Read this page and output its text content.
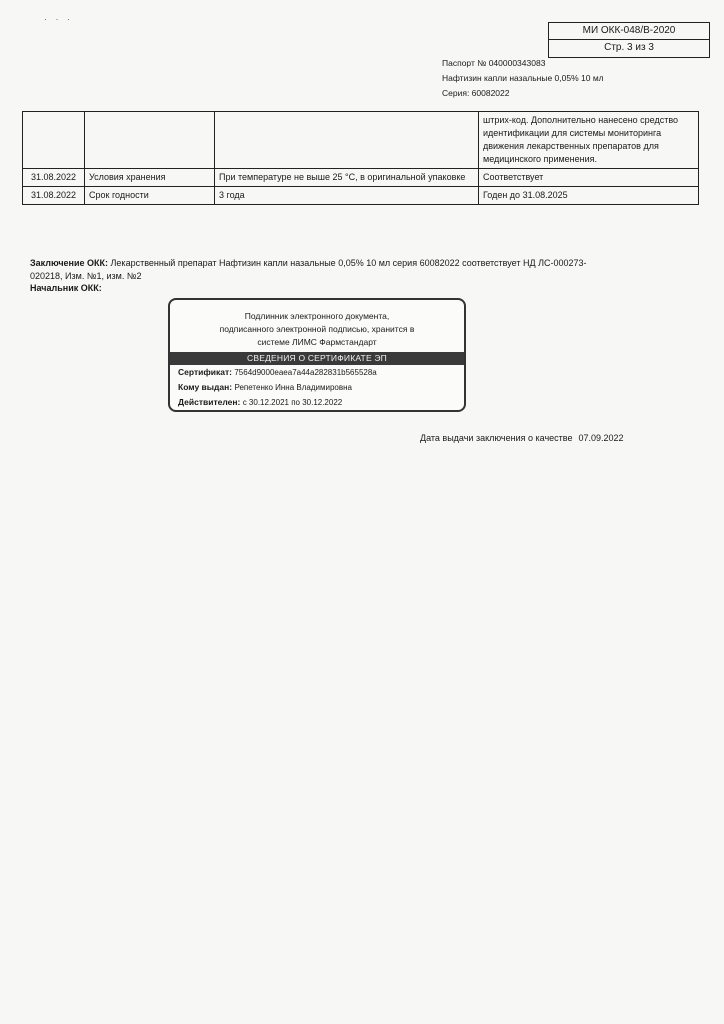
· · ·
МИ ОКК-048/В-2020
Стр. 3 из 3
Паспорт № 040000343083
Нафтизин капли назальные 0,05% 10 мл
Серия: 60082022
			штрих-код. Дополнительно нанесено средство идентификации для системы мониторинга движения лекарственных препаратов для медицинского применения.
31.08.2022	Условия хранения	При температуре не выше 25 °С, в оригинальной упаковке	Соответствует
31.08.2022	Срок годности	3 года	Годен до 31.08.2025
Заключение ОКК: Лекарственный препарат Нафтизин капли назальные 0,05% 10 мл серия 60082022 соответствует НД ЛС-000273-020218, Изм. №1, изм. №2
Начальник ОКК:
Подлинник электронного документа,
подписанного электронной подписью, хранится в
системе ЛИМС Фармстандарт
СВЕДЕНИЯ О СЕРТИФИКАТЕ ЭП
Сертификат: 7564d9000eaea7a44a282831b565528a
Кому выдан: Репетенко Инна Владимировна
Действителен: с 30.12.2021 по 30.12.2022
Дата выдачи заключения о качестве 07.09.2022
